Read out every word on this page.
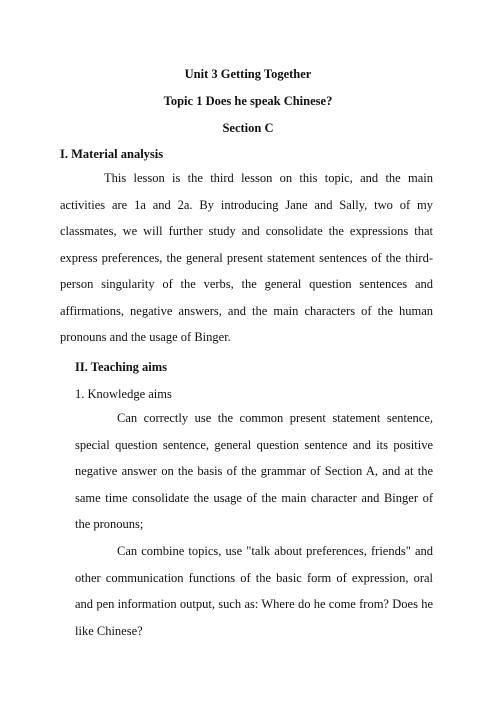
Unit 3 Getting Together
Topic 1 Does he speak Chinese?
Section C
I. Material analysis

This lesson is the third lesson on this topic, and the main activities are 1a and 2a. By introducing Jane and Sally, two of my classmates, we will further study and consolidate the expressions that express preferences, the general present statement sentences of the third-person singularity of the verbs, the general question sentences and affirmations, negative answers, and the main characters of the human pronouns and the usage of Binger.

II. Teaching aims
1. Knowledge aims

Can correctly use the common present statement sentence, special question sentence, general question sentence and its positive negative answer on the basis of the grammar of Section A, and at the same time consolidate the usage of the main character and Binger of the pronouns;

Can combine topics, use "talk about preferences, friends" and other communication functions of the basic form of expression, oral and pen information output, such as: Where do he come from? Does he like Chinese?
